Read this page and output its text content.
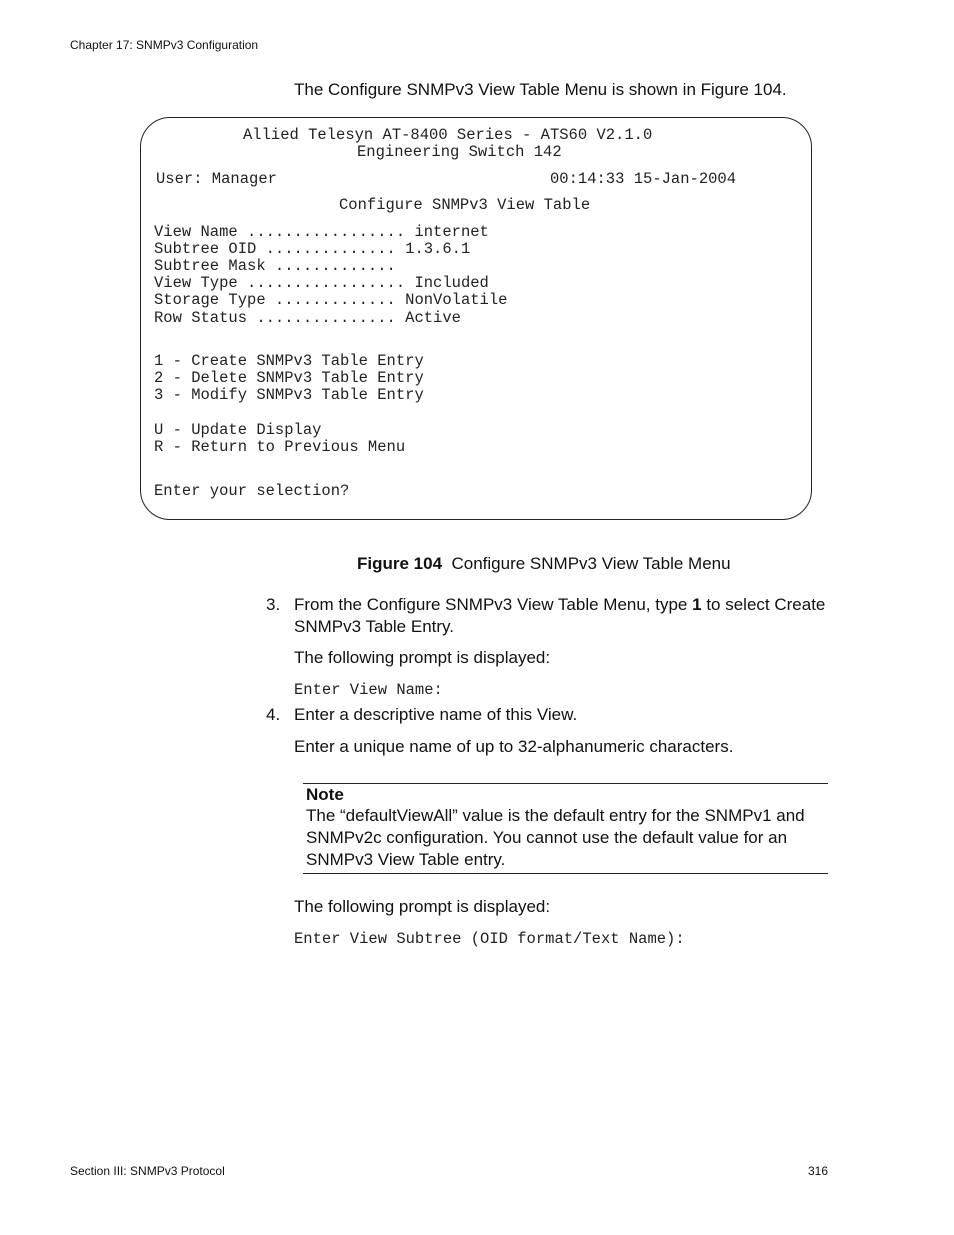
Chapter 17: SNMPv3 Configuration
The Configure SNMPv3 View Table Menu is shown in Figure 104.
Allied Telesyn AT-8400 Series - ATS60 V2.1.0
Engineering Switch 142
User: Manager	00:14:33 15-Jan-2004
Configure SNMPv3 View Table
View Name ................. internet
Subtree OID .............. 1.3.6.1
Subtree Mask .............
View Type ................. Included
Storage Type ............. NonVolatile
Row Status ............... Active
1 - Create SNMPv3 Table Entry
2 - Delete SNMPv3 Table Entry
3 - Modify SNMPv3 Table Entry
U - Update Display
R - Return to Previous Menu
Enter your selection?
Figure 104 Configure SNMPv3 View Table Menu
3. From the Configure SNMPv3 View Table Menu, type 1 to select Create
SNMPv3 Table Entry.
The following prompt is displayed:
Enter View Name:
4. Enter a descriptive name of this View.
Enter a unique name of up to 32-alphanumeric characters.
Note
The “defaultViewAll” value is the default entry for the SNMPv1 and
SNMPv2c configuration. You cannot use the default value for an
SNMPv3 View Table entry.
The following prompt is displayed:
Enter View Subtree (OID format/Text Name):
Section III: SNMPv3 Protocol	316
